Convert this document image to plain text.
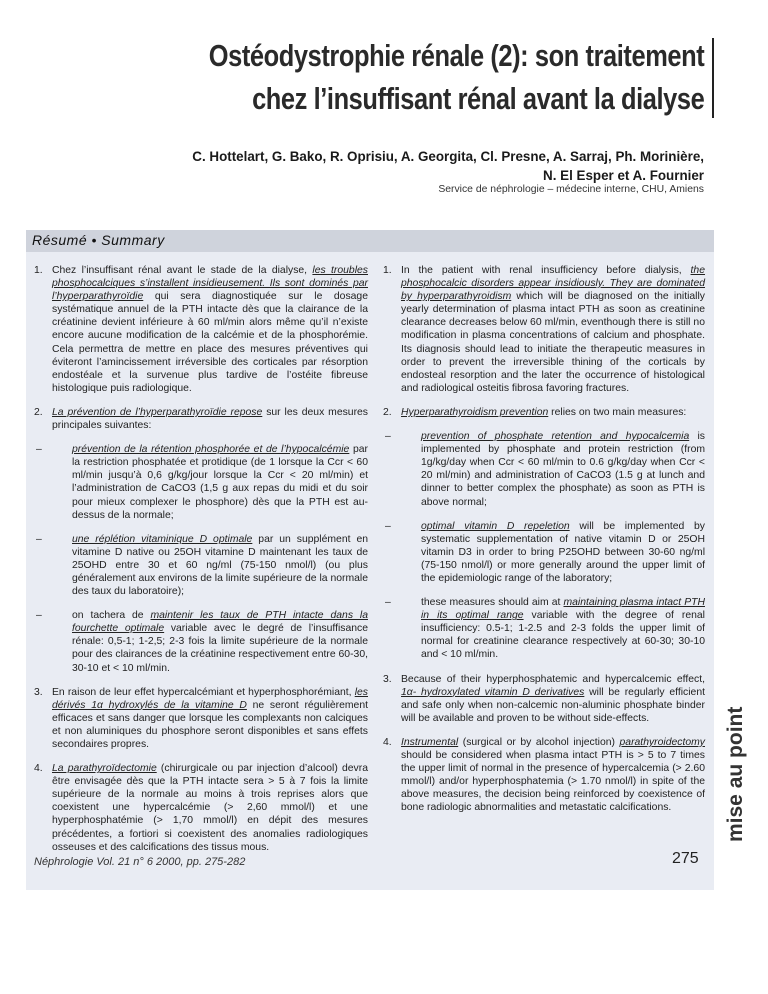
Ostéodystrophie rénale (2): son traitement
chez l’insuffisant rénal avant la dialyse
C. Hottelart, G. Bako, R. Oprisiu, A. Georgita, Cl. Presne, A. Sarraj, Ph. Morinière,
N. El Esper et A. Fournier
Service de néphrologie – médecine interne, CHU, Amiens
Résumé • Summary
1. Chez l’insuffisant rénal avant le stade de la dialyse, les troubles phosphocalciques s’installent insidieusement. Ils sont dominés par l’hyperparathyroïdie qui sera diagnostiquée sur le dosage systématique annuel de la PTH intacte dès que la clairance de la créatinine devient inférieure à 60 ml/min alors même qu’il n’existe encore aucune modification de la calcémie et de la phosphorémie. Cela permettra de mettre en place des mesures préventives qui éviteront l’amincissement irréversible des corticales par résorption endostéale et la survenue plus tardive de l’ostéite fibreuse histologique puis radiologique.
2. La prévention de l’hyperparathyroïdie repose sur les deux mesures principales suivantes:
–	prévention de la rétention phosphorée et de l’hypocalcémie par la restriction phosphatée et protidique (de 1 lorsque la Ccr < 60 ml/min jusqu’à 0,6 g/kg/jour lorsque la Ccr < 20 ml/min) et l’administration de CaCO3 (1,5 g aux repas du midi et du soir pour mieux complexer le phosphore) dès que la PTH est au-dessus de la normale;
–	une réplétion vitaminique D optimale par un supplément en vitamine D native ou 25OH vitamine D maintenant les taux de 25OHD entre 30 et 60 ng/ml (75-150 nmol/l) (ou plus généralement aux environs de la limite supérieure de la normale des taux du laboratoire);
–	on tachera de maintenir les taux de PTH intacte dans la fourchette optimale variable avec le degré de l’insuffisance rénale: 0,5-1; 1-2,5; 2-3 fois la limite supérieure de la normale pour des clairances de la créatinine respectivement entre 60-30, 30-10 et < 10 ml/min.
3. En raison de leur effet hypercalcémiant et hyperphosphorémiant, les dérivés 1α hydroxylés de la vitamine D ne seront régulièrement efficaces et sans danger que lorsque les complexants non calciques et non aluminiques du phosphore seront disponibles et sans effets secondaires propres.
4. La parathyroïdectomie (chirurgicale ou par injection d’alcool) devra être envisagée dès que la PTH intacte sera > 5 à 7 fois la limite supérieure de la normale au moins à trois reprises alors que coexistent une hypercalcémie (> 2,60 mmol/l) et une hyperphosphatémie (> 1,70 mmol/l) en dépit des mesures précédentes, a fortiori si coexistent des anomalies radiologiques osseuses et des calcifications des tissus mous.
1. In the patient with renal insufficiency before dialysis, the phosphocalcic disorders appear insidiously. They are dominated by hyperparathyroidism which will be diagnosed on the initially yearly determination of plasma intact PTH as soon as creatinine clearance decreases below 60 ml/min, eventhough there is still no modification in plasma concentrations of calcium and phosphate. Its diagnosis should lead to initiate the therapeutic measures in order to prevent the irreversible thining of the corticals by endosteal resorption and the later the occurrence of histological and radiological osteitis fibrosa favoring fractures.
2. Hyperparathyroidism prevention relies on two main measures:
–	prevention of phosphate retention and hypocalcemia is implemented by phosphate and protein restriction (from 1g/kg/day when Ccr < 60 ml/min to 0.6 g/kg/day when Ccr < 20 ml/min) and administration of CaCO3 (1.5 g at lunch and dinner to better complex the phosphate) as soon as PTH is above normal;
–	optimal vitamin D repeletion will be implemented by systematic supplementation of native vitamin D or 25OH vitamin D3 in order to bring P25OHD between 30-60 ng/ml (75-150 nmol/l) or more generally around the upper limit of the epidemiologic range of the laboratory;
–	these measures should aim at maintaining plasma intact PTH in its optimal range variable with the degree of renal insufficiency: 0.5-1; 1-2.5 and 2-3 folds the upper limit of normal for creatinine clearance respectively at 60-30; 30-10 and < 10 ml/min.
3. Because of their hyperphosphatemic and hypercalcemic effect, 1α- hydroxylated vitamin D derivatives will be regularly efficient and safe only when non-calcemic non-aluminic phosphate binder will be available and proven to be without side-effects.
4. Instrumental (surgical or by alcohol injection) parathyroidectomy should be considered when plasma intact PTH is > 5 to 7 times the upper limit of normal in the presence of hypercalcemia (> 2.60 mmol/l) and/or hyperphosphatemia (> 1.70 nmol/l) in spite of the above measures, the decision being reinforced by coexistence of bone radiologic abnormalities and metastatic calcifications.	mise au point
Néphrologie Vol. 21 n° 6 2000, pp. 275-282	275
